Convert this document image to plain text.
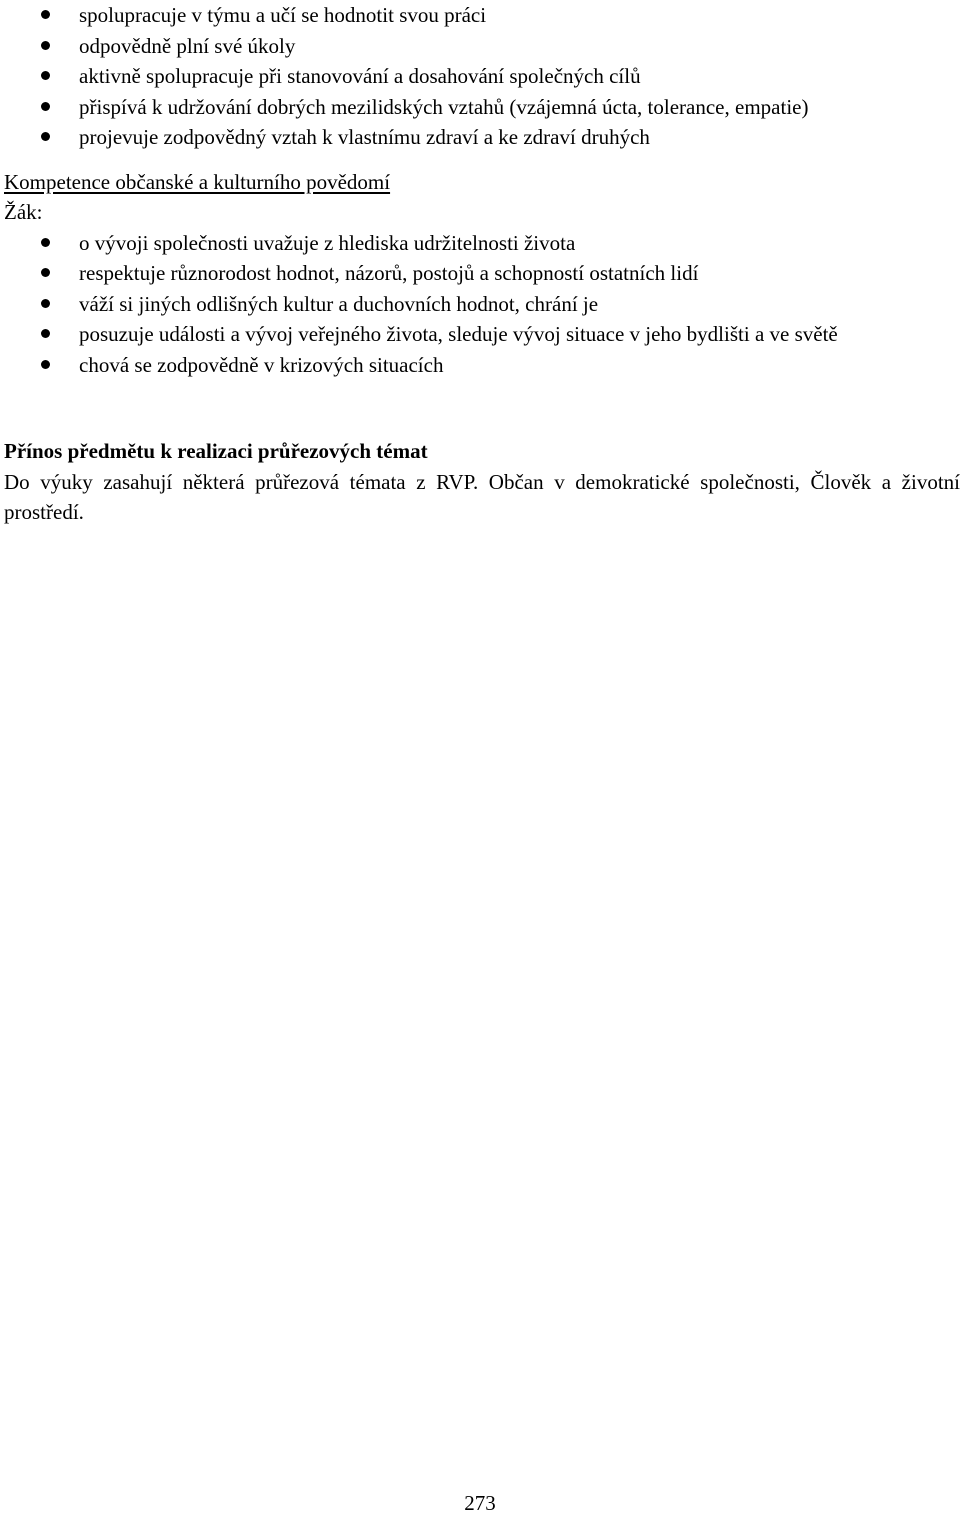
spolupracuje v týmu a učí se hodnotit svou práci
odpovědně plní své úkoly
aktivně spolupracuje při stanovování a dosahování společných cílů
přispívá k udržování dobrých mezilidských vztahů (vzájemná úcta, tolerance, empatie)
projevuje zodpovědný vztah k vlastnímu zdraví a ke zdraví druhých
Kompetence občanské a kulturního povědomí
Žák:
o vývoji společnosti uvažuje z hlediska udržitelnosti života
respektuje různorodost hodnot, názorů, postojů a schopností ostatních lidí
váží si jiných odlišných kultur a duchovních hodnot, chrání je
posuzuje události a vývoj veřejného života, sleduje vývoj situace v jeho bydlišti a ve světě
chová se zodpovědně v krizových situacích
Přínos předmětu k realizaci průřezových témat
Do výuky zasahují některá průřezová témata z RVP. Občan v demokratické společnosti, Člověk a životní prostředí.
273
